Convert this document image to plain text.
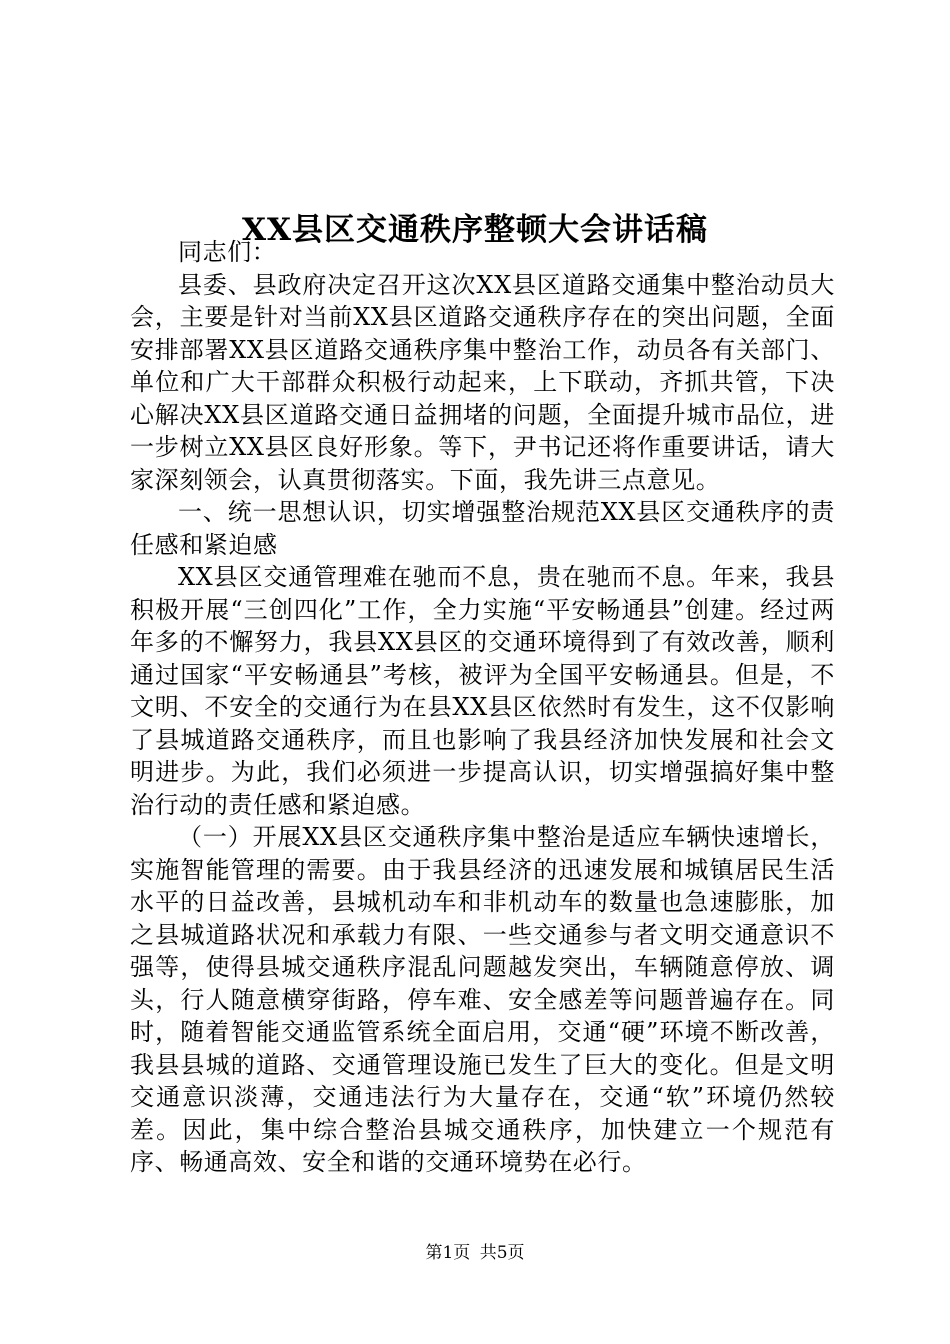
XX县区交通秩序整顿大会讲话稿

同志们：

县委、县政府决定召开这次XX县区道路交通集中整治动员大会，主要是针对当前XX县区道路交通秩序存在的突出问题，全面安排部署XX县区道路交通秩序集中整治工作，动员各有关部门、单位和广大干部群众积极行动起来，上下联动，齐抓共管，下决心解决XX县区道路交通日益拥堵的问题，全面提升城市品位，进一步树立XX县区良好形象。等下，尹书记还将作重要讲话，请大家深刻领会，认真贯彻落实。下面，我先讲三点意见。

一、统一思想认识，切实增强整治规范XX县区交通秩序的责任感和紧迫感

XX县区交通管理难在驰而不息，贵在驰而不息。年来，我县积极开展“三创四化”工作，全力实施“平安畅通县”创建。经过两年多的不懈努力，我县XX县区的交通环境得到了有效改善，顺利通过国家“平安畅通县”考核，被评为全国平安畅通县。但是，不文明、不安全的交通行为在县XX县区依然时有发生，这不仅影响了县城道路交通秩序，而且也影响了我县经济加快发展和社会文明进步。为此，我们必须进一步提高认识，切实增强搞好集中整治行动的责任感和紧迫感。

（一）开展XX县区交通秩序集中整治是适应车辆快速增长，实施智能管理的需要。由于我县经济的迅速发展和城镇居民生活水平的日益改善，县城机动车和非机动车的数量也急速膨胀，加之县城道路状况和承载力有限、一些交通参与者文明交通意识不强等，使得县城交通秩序混乱问题越发突出，车辆随意停放、调头，行人随意横穿街路，停车难、安全感差等问题普遍存在。同时，随着智能交通监管系统全面启用，交通“硬”环境不断改善，我县县城的道路、交通管理设施已发生了巨大的变化。但是文明交通意识淡薄，交通违法行为大量存在，交通“软”环境仍然较差。因此，集中综合整治县城交通秩序，加快建立一个规范有序、畅通高效、安全和谐的交通环境势在必行。

第1页 共5页
